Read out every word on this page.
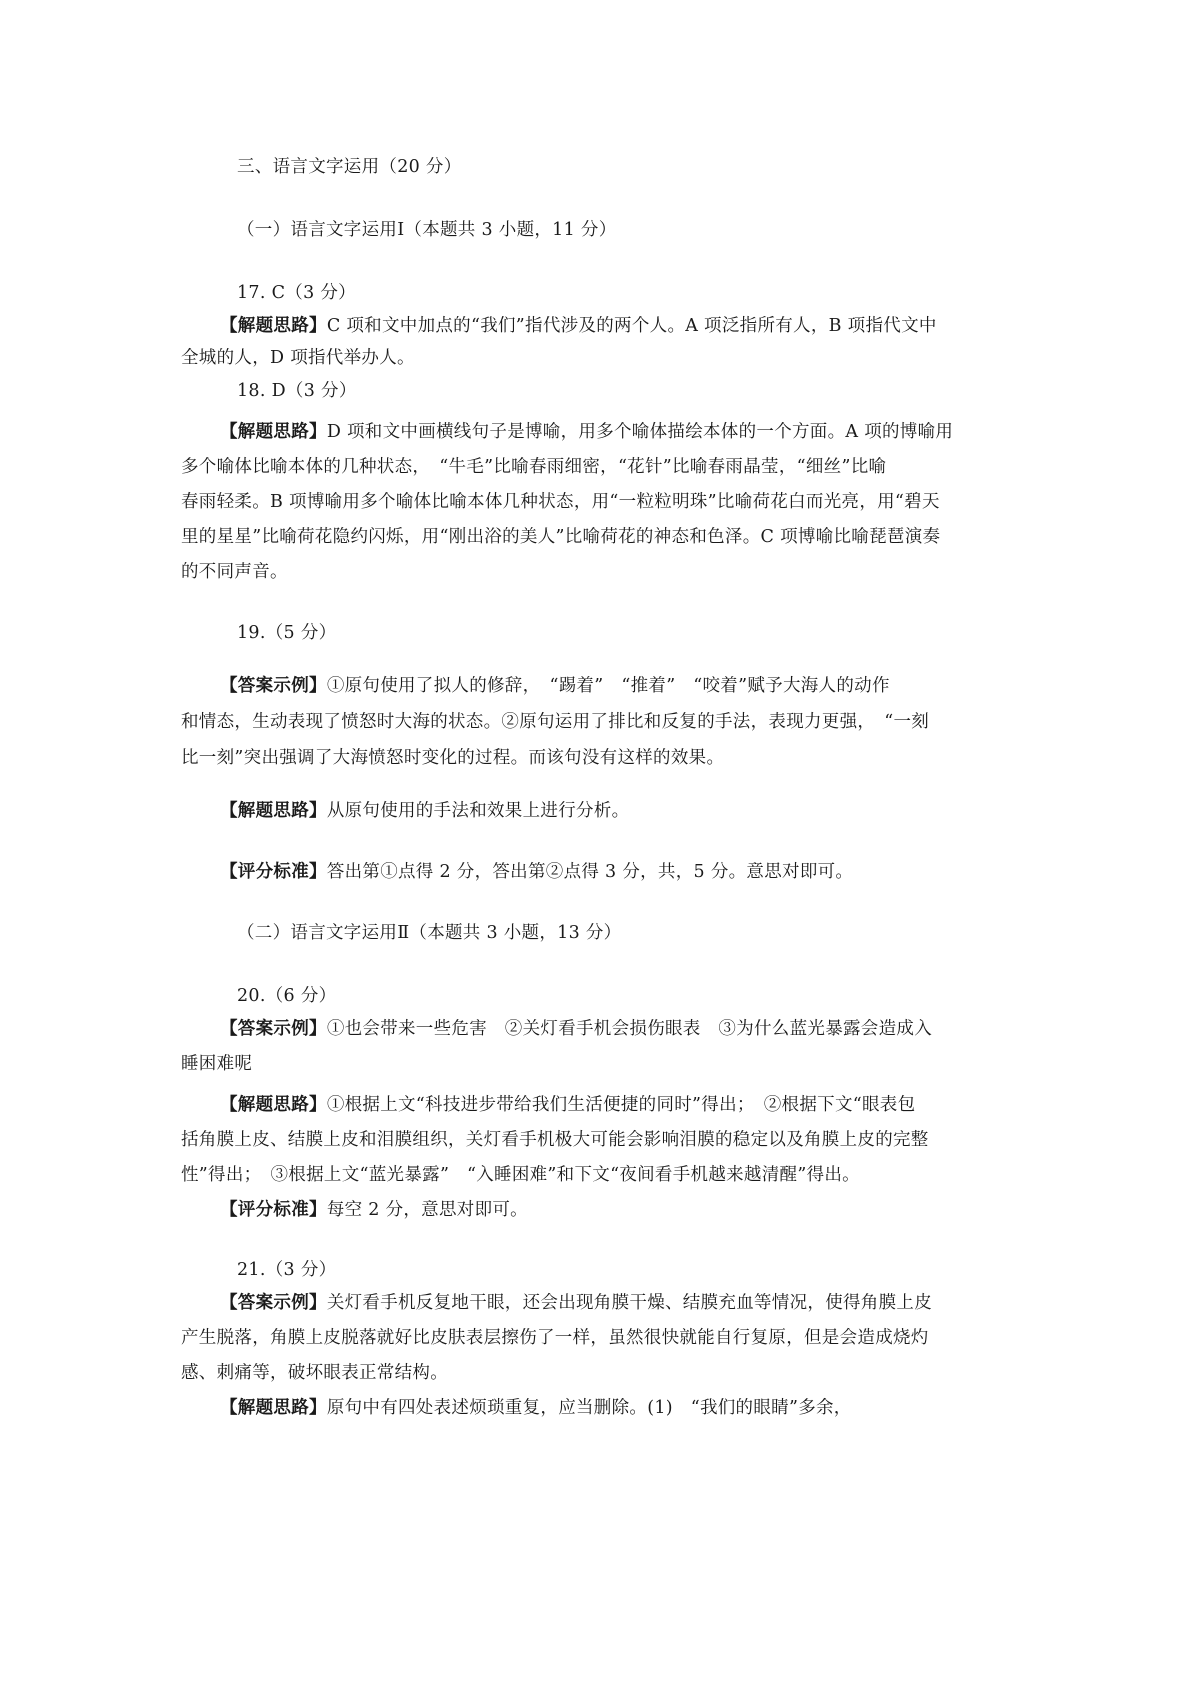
三、语言文字运用（20 分）
（一）语言文字运用Ⅰ（本题共 3 小题，11 分）
17. C（3 分）
【解题思路】C 项和文中加点的“我们”指代涉及的两个人。A 项泛指所有人，B 项指代文中
全城的人，D 项指代举办人。
18. D（3 分）
【解题思路】D 项和文中画横线句子是博喻，用多个喻体描绘本体的一个方面。A 项的博喻用
多个喻体比喻本体的几种状态，　“牛毛”比喻春雨细密，“花针”比喻春雨晶莹，“细丝”比喻
春雨轻柔。B 项博喻用多个喻体比喻本体几种状态，用“一粒粒明珠”比喻荷花白而光亮，用“碧天
里的星星”比喻荷花隐约闪烁，用“刚出浴的美人”比喻荷花的神态和色泽。C 项博喻比喻琵琶演奏
的不同声音。
19.（5 分）
【答案示例】①原句使用了拟人的修辞，　“踢着”　“推着”　“咬着”赋予大海人的动作
和情态，生动表现了愤怒时大海的状态。②原句运用了排比和反复的手法，表现力更强，　“一刻
比一刻”突出强调了大海愤怒时变化的过程。而该句没有这样的效果。
【解题思路】从原句使用的手法和效果上进行分析。
【评分标准】答出第①点得 2 分，答出第②点得 3 分，共，5 分。意思对即可。
（二）语言文字运用Ⅱ（本题共 3 小题，13 分）
20.（6 分）
【答案示例】①也会带来一些危害　②关灯看手机会损伤眼表　③为什么蓝光暴露会造成入
睡困难呢
【解题思路】①根据上文“科技进步带给我们生活便捷的同时”得出；　②根据下文“眼表包
括角膜上皮、结膜上皮和泪膜组织，关灯看手机极大可能会影响泪膜的稳定以及角膜上皮的完整
性”得出；　③根据上文“蓝光暴露”　“入睡困难”和下文“夜间看手机越来越清醒”得出。
【评分标准】每空 2 分，意思对即可。
21.（3 分）
【答案示例】关灯看手机反复地干眼，还会出现角膜干燥、结膜充血等情况，使得角膜上皮
产生脱落，角膜上皮脱落就好比皮肤表层擦伤了一样，虽然很快就能自行复原，但是会造成烧灼
感、刺痛等，破坏眼表正常结构。
【解题思路】原句中有四处表述烦琐重复，应当删除。(1)　“我们的眼睛”多余，
